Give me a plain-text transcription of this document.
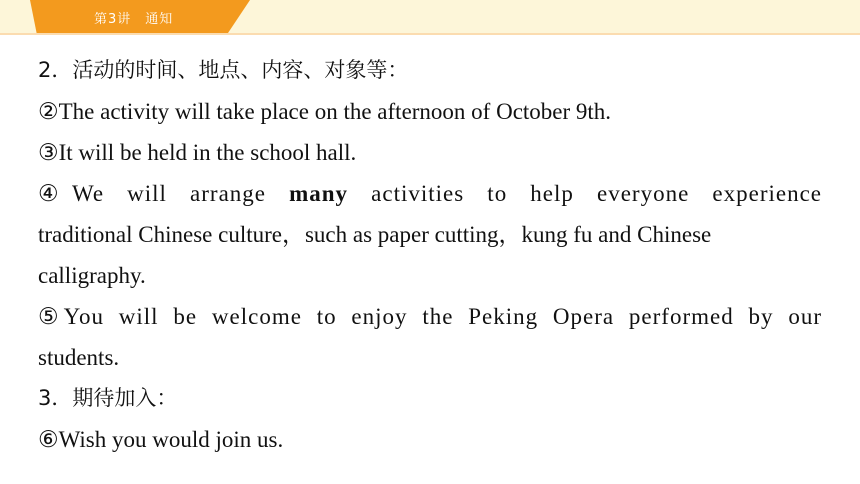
第3讲　通知
2．活动的时间、地点、内容、对象等：
②The activity will take place on the afternoon of October 9th.
③It will be held in the school hall.
④We will arrange many activities to help everyone experience
traditional Chinese culture，such as paper cutting，kung fu and Chinese
calligraphy.
⑤You will be welcome to enjoy the Peking Opera performed by our
students.
3．期待加入：
⑥Wish you would join us.
